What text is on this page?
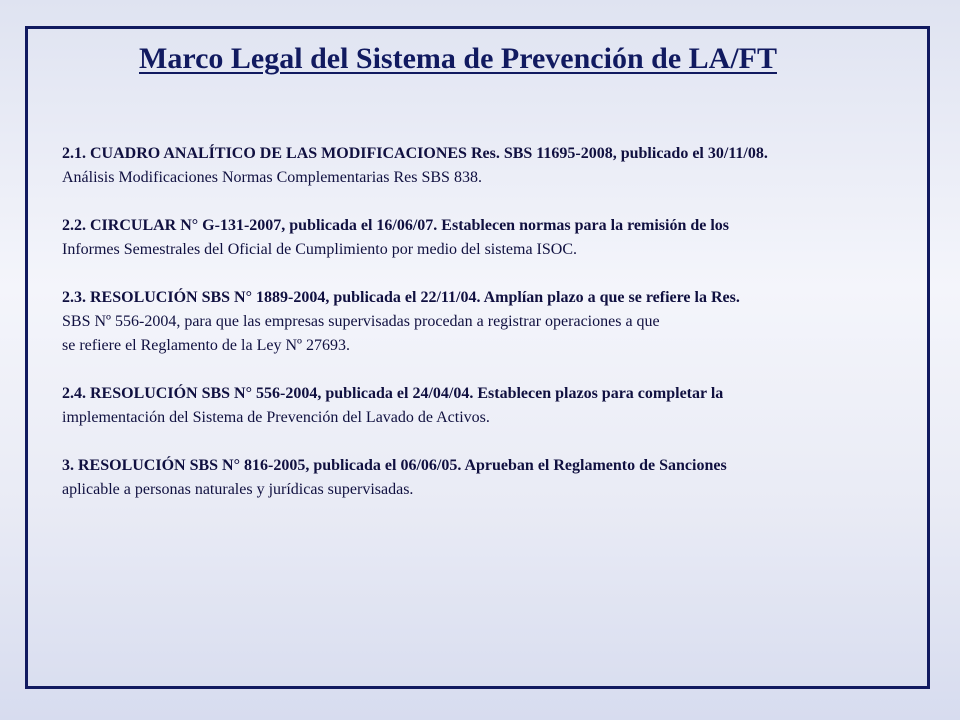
Marco Legal del Sistema de Prevención de LA/FT

2.1. CUADRO ANALÍTICO DE LAS MODIFICACIONES Res. SBS 11695-2008, publicado el 30/11/08.

Análisis Modificaciones Normas Complementarias Res SBS 838.

2.2. CIRCULAR N° G-131-2007, publicada el 16/06/07. Establecen normas para la remisión de los

Informes Semestrales del Oficial de Cumplimiento por medio del sistema ISOC.

2.3. RESOLUCIÓN SBS N° 1889-2004, publicada el 22/11/04. Amplían plazo a que se refiere la Res.

SBS Nº 556-2004, para que las empresas supervisadas procedan a registrar operaciones a que

se refiere el Reglamento de la Ley Nº 27693.

2.4. RESOLUCIÓN SBS N° 556-2004, publicada el 24/04/04. Establecen plazos para completar la

implementación del Sistema de Prevención del Lavado de Activos.

3. RESOLUCIÓN SBS N° 816-2005, publicada el 06/06/05. Aprueban el Reglamento de Sanciones

aplicable a personas naturales y jurídicas supervisadas.
